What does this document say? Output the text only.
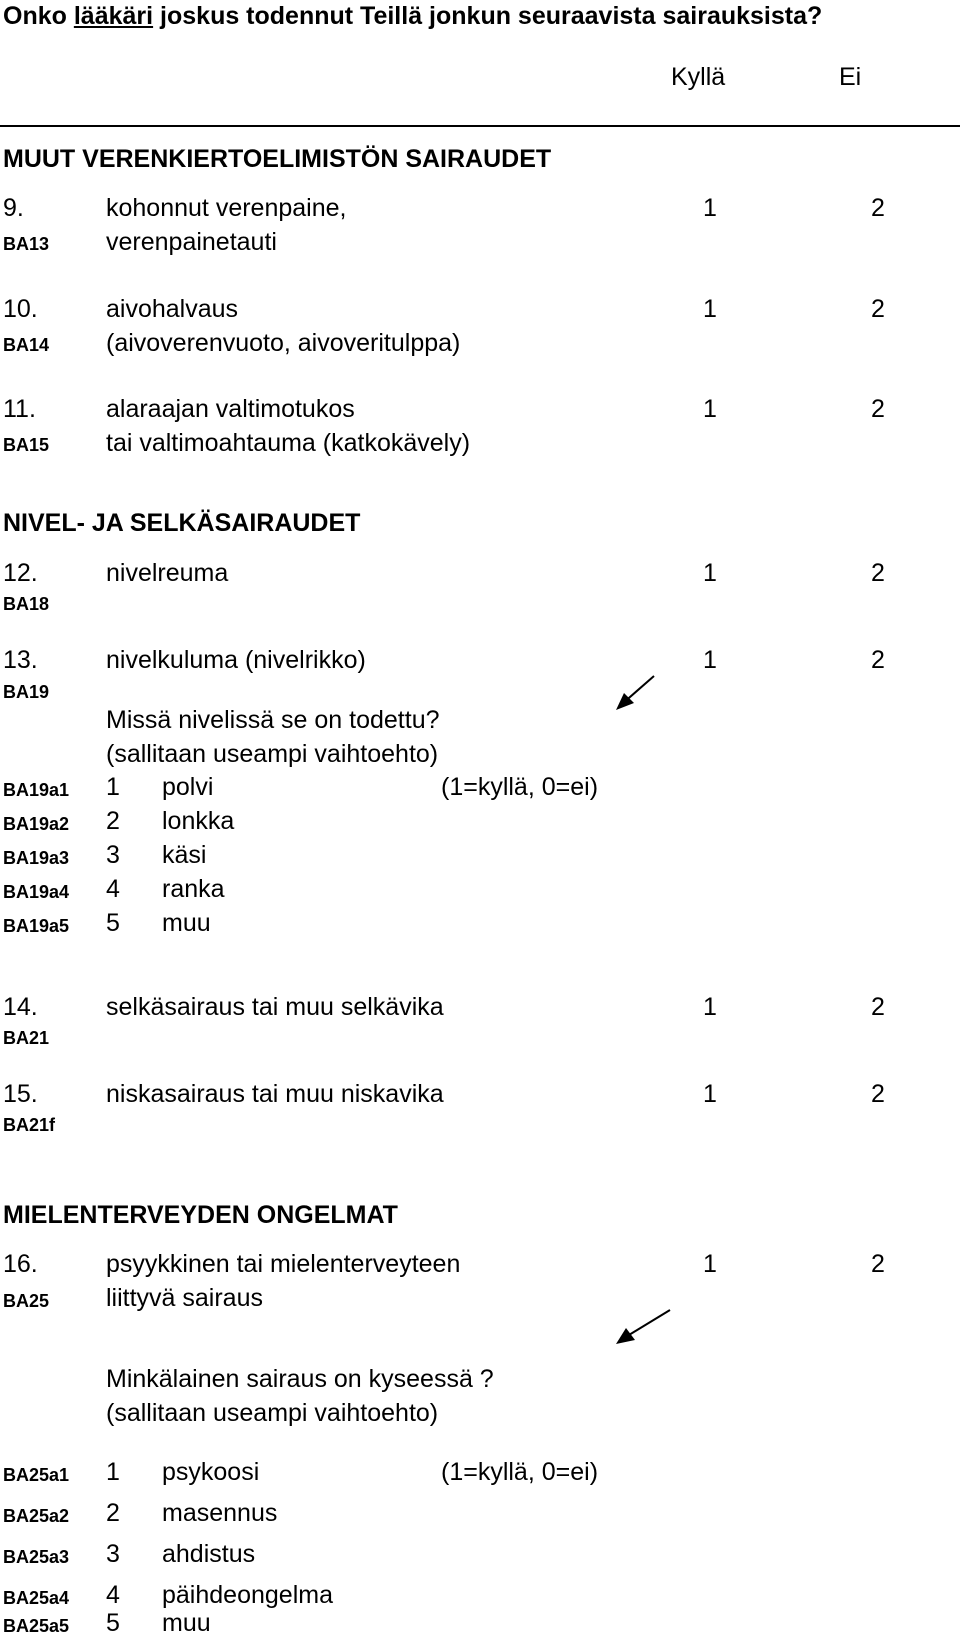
Onko lääkäri joskus todennut Teillä jonkun seuraavista sairauksista?
Kyllä	Ei
MUUT VERENKIERTOELIMISTÖN SAIRAUDET
9.	kohonnut verenpaine,	1	2
BA13 verenpainetauti
10.	aivohalvaus	1	2
BA14 (aivoverenvuoto, aivoveritulppa)
11.	alaraajan valtimotukos	1	2
BA15 tai valtimoahtauma (katkokävely)
NIVEL- JA SELKÄSAIRAUDET
12.	nivelreuma	1	2
BA18
13.	nivelkuluma (nivelrikko)	1	2
BA19
Missä nivelissä se on todettu?
(sallitaan useampi vaihtoehto)
BA19a1 1 polvi	(1=kyllä, 0=ei)
BA19a2 2 lonkka
BA19a3 3 käsi
BA19a4 4 ranka
BA19a5 5 muu
14.	selkäsairaus tai muu selkävika	1	2
BA21
15.	niskasairaus tai muu niskavika	1	2
BA21f
MIELENTERVEYDEN ONGELMAT
16.	psyykkinen tai mielenterveyteen	1	2
BA25 liittyvä sairaus
Minkälainen sairaus on kyseessä ?
(sallitaan useampi vaihtoehto)
BA25a1 1 psykoosi	(1=kyllä, 0=ei)
BA25a2 2 masennus
BA25a3 3 ahdistus
BA25a4 4 päihdeongelma
BA25a5 5 muu
